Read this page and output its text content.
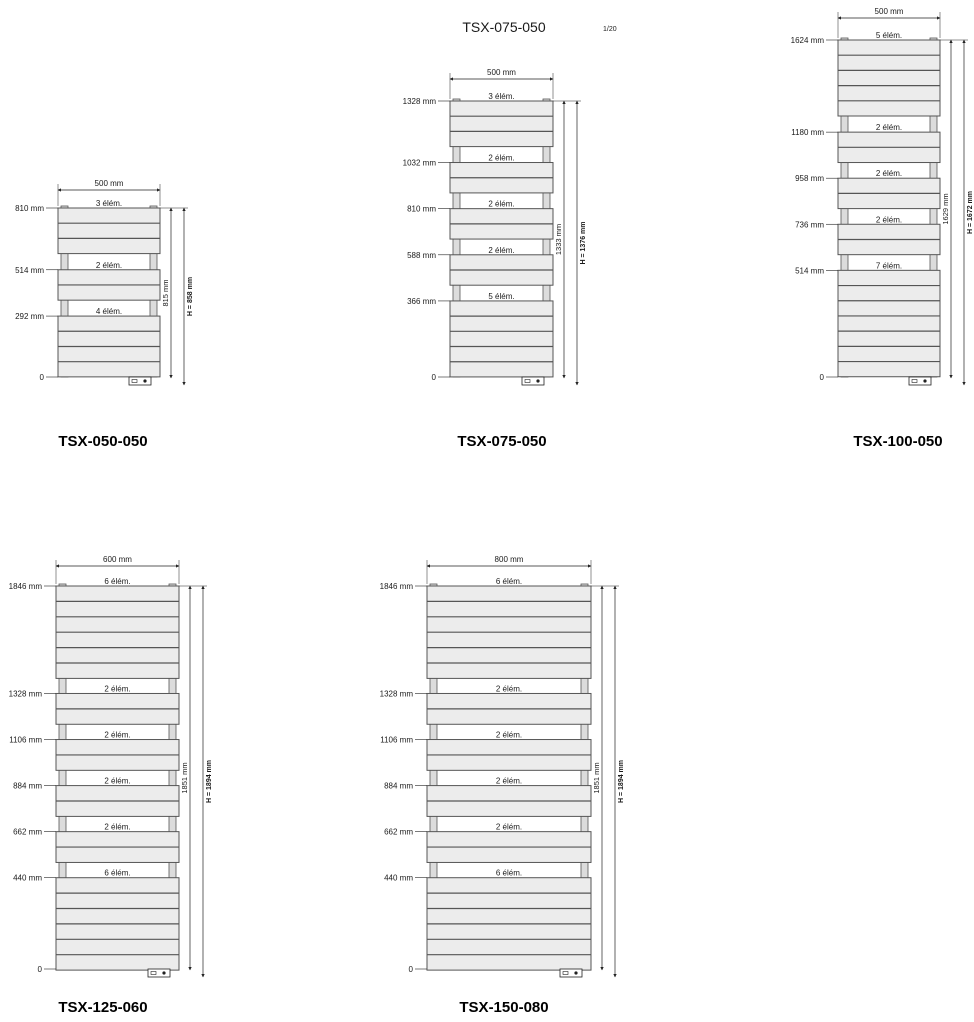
TSX-075-050	1/20
3 élém.
2 élém.
4 élém.
810 mm
514 mm
292 mm
0
500 mm
815 mm H = 858 mm
TSX-050-050
3 élém.
2 élém.
2 élém.
2 élém.
5 élém.
1328 mm
1032 mm
810 mm
588 mm
366 mm
0
500 mm
1333 mm H = 1376 mm
TSX-075-050
5 élém.
2 élém.
2 élém.
2 élém.
7 élém.
1624 mm
1180 mm
958 mm
736 mm
514 mm
0
500 mm
1629 mm H = 1672 mm
TSX-100-050
6 élém.
2 élém.
2 élém.
2 élém.
2 élém.
6 élém.
1846 mm
1328 mm
1106 mm
884 mm
662 mm
440 mm
0
600 mm
1851 mm H = 1894 mm
TSX-125-060
6 élém.
2 élém.
2 élém.
2 élém.
2 élém.
6 élém.
1846 mm
1328 mm
1106 mm
884 mm
662 mm
440 mm
0
800 mm
1851 mm H = 1894 mm
TSX-150-080
